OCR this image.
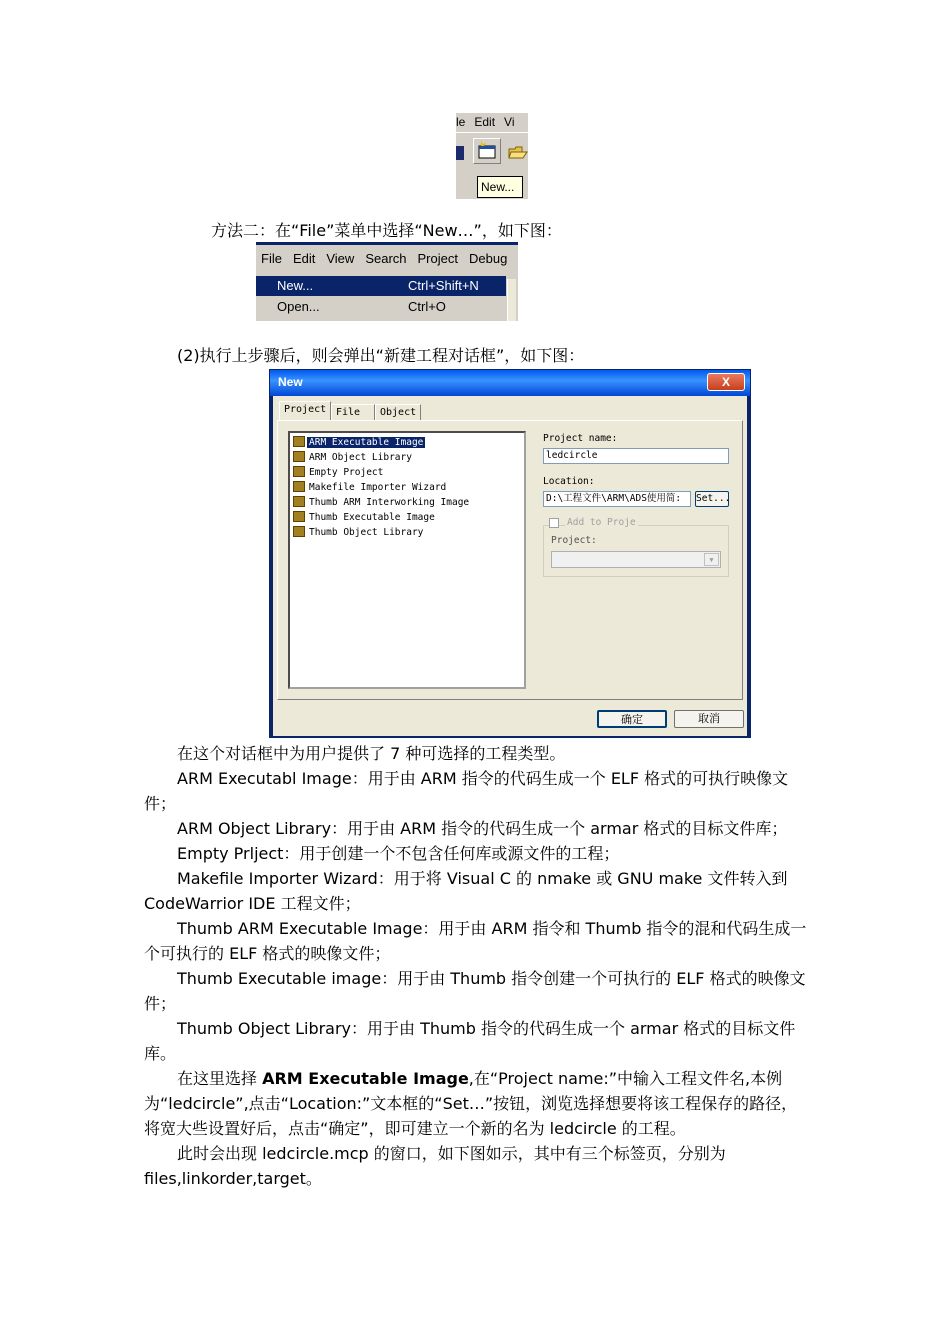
le Edit Vi
New...

方法二：在“File”菜单中选择“New…”，如下图：

File Edit View Search Project Debug
New...	Ctrl+Shift+N
Open...	Ctrl+O

(2)执行上步骤后，则会弹出“新建工程对话框”，如下图：

New	X
Project File	Object
ARM Executable Image
ARM Object Library
Empty Project
Makefile Importer Wizard
Thumb ARM Interworking Image
Thumb Executable Image
Thumb Object Library
Project name:
ledcircle
Location:
D:\工程文件\ARM\ADS使用简:	Set...
Add to Proje
Project:
▼
确定	取消

在这个对话框中为用户提供了 7 种可选择的工程类型。

ARM Executabl Image：用于由 ARM 指令的代码生成一个 ELF 格式的可执行映像文

件；

ARM Object Library：用于由 ARM 指令的代码生成一个 armar 格式的目标文件库；

Empty Prlject：用于创建一个不包含任何库或源文件的工程；

Makefile Importer Wizard：用于将 Visual C 的 nmake 或 GNU make 文件转入到

CodeWarrior IDE 工程文件；

Thumb ARM Executable Image：用于由 ARM 指令和 Thumb 指令的混和代码生成一

个可执行的 ELF 格式的映像文件；

Thumb Executable image：用于由 Thumb 指令创建一个可执行的 ELF 格式的映像文

件；

Thumb Object Library：用于由 Thumb 指令的代码生成一个 armar 格式的目标文件

库。

在这里选择 ARM Executable Image,在“Project name:”中输入工程文件名,本例

为“ledcircle”,点击“Location:”文本框的“Set…”按钮，浏览选择想要将该工程保存的路径，

将宽大些设置好后，点击“确定”，即可建立一个新的名为 ledcircle 的工程。

此时会出现 ledcircle.mcp 的窗口，如下图如示，其中有三个标签页，分别为

files,linkorder,target。
